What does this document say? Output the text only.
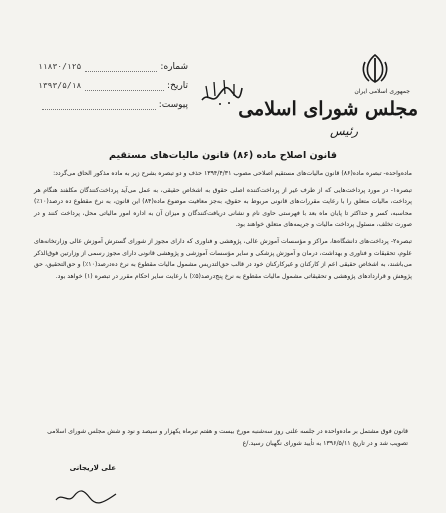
شماره:
۱۱۸۳۰/۱۲۵
تاریخ:
۱۳۹۳/۵/۱۸
پیوست:
جمهوری اسلامی ایران
مجلس شورای اسلامی
رئیس
قانون اصلاح ماده (۸۶) قانون مالیات‌های مستقیم

ماده‌واحده- تبصره ماده(۸۶) قانون مالیات‌های مستقیم اصلاحی مصوب ۱۳۹۴/۴/۳۱ حذف و دو تبصره بشرح زیر به ماده مذکور الحاق می‌گردد:

تبصره۱- در مورد پرداخت‌هایی که از طرف غیر از پرداخت‌کننده اصلی حقوق به اشخاص حقیقی، به عمل می‌آید پرداخت‌کنندگان مکلفند هنگام هر پرداخت، مالیات متعلق را با رعایت مقررات‌های قانونی مربوط به حقوق، به‌جز معافیت موضوع ماده(۸۴) این قانون، به نرخ مقطوع ده درصد(۱۰٪) محاسبه، کسر و حداکثر تا پایان ماه بعد با فهرستی حاوی نام و نشانی دریافت‌کنندگان و میزان آن به اداره امور مالیاتی محل، پرداخت کنند و در صورت تخلف، مسئول پرداخت مالیات و جریمه‌های متعلق خواهند بود.

تبصره۲- پرداخت‌های دانشگاه‌ها، مراکز و مؤسسات آموزش عالی، پژوهشی و فناوری که دارای مجوز از شورای گسترش آموزش عالی وزارتخانه‌های علوم، تحقیقات و فناوری و بهداشت، درمان و آموزش پزشکی و سایر مؤسسات آموزشی و پژوهشی قانونی دارای مجوز رسمی از وزارتین فوق‌الذکر می‌باشند، به اشخاص حقیقی اعم از کارکنان و غیرکارکنان خود در قالب حق‌التدریس مشمول مالیات مقطوع به نرخ ده‌درصد(۱۰٪) و حق‌التحقیق، حق پژوهش و قراردادهای پژوهشی و تحقیقاتی مشمول مالیات مقطوع به نرخ پنج‌درصد(۵٪) با رعایت سایر احکام مقرر در تبصره (۱) خواهد بود.

قانون فوق مشتمل بر ماده‌واحده در جلسه علنی روز سه‌شنبه مورخ بیست و هفتم تیرماه یکهزار و سیصد و نود و شش مجلس شورای اسلامی تصویب شد و در تاریخ ۱۳۹۶/۵/۱۱ به تأیید شورای نگهبان رسید./ع

علی لاریجانی
